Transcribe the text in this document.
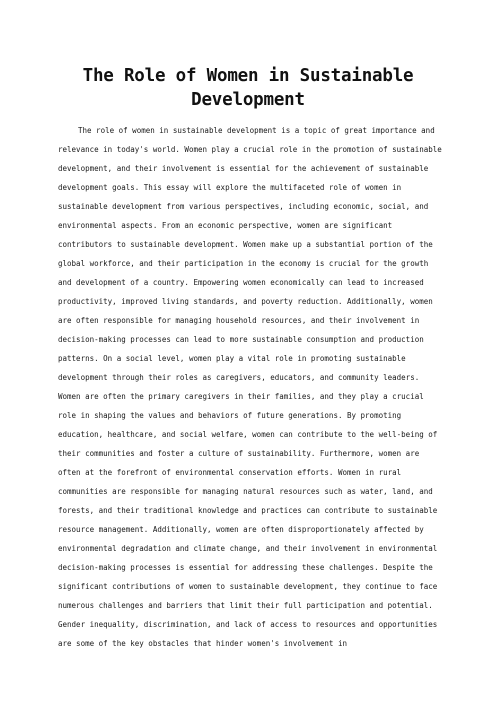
The Role of Women in Sustainable Development

The role of women in sustainable development is a topic of great importance and relevance in today's world. Women play a crucial role in the promotion of sustainable development, and their involvement is essential for the achievement of sustainable development goals. This essay will explore the multifaceted role of women in sustainable development from various perspectives, including economic, social, and environmental aspects. From an economic perspective, women are significant contributors to sustainable development. Women make up a substantial portion of the global workforce, and their participation in the economy is crucial for the growth and development of a country. Empowering women economically can lead to increased productivity, improved living standards, and poverty reduction. Additionally, women are often responsible for managing household resources, and their involvement in decision-making processes can lead to more sustainable consumption and production patterns. On a social level, women play a vital role in promoting sustainable development through their roles as caregivers, educators, and community leaders. Women are often the primary caregivers in their families, and they play a crucial role in shaping the values and behaviors of future generations. By promoting education, healthcare, and social welfare, women can contribute to the well-being of their communities and foster a culture of sustainability. Furthermore, women are often at the forefront of environmental conservation efforts. Women in rural communities are responsible for managing natural resources such as water, land, and forests, and their traditional knowledge and practices can contribute to sustainable resource management. Additionally, women are often disproportionately affected by environmental degradation and climate change, and their involvement in environmental decision-making processes is essential for addressing these challenges. Despite the significant contributions of women to sustainable development, they continue to face numerous challenges and barriers that limit their full participation and potential. Gender inequality, discrimination, and lack of access to resources and opportunities are some of the key obstacles that hinder women's involvement in
